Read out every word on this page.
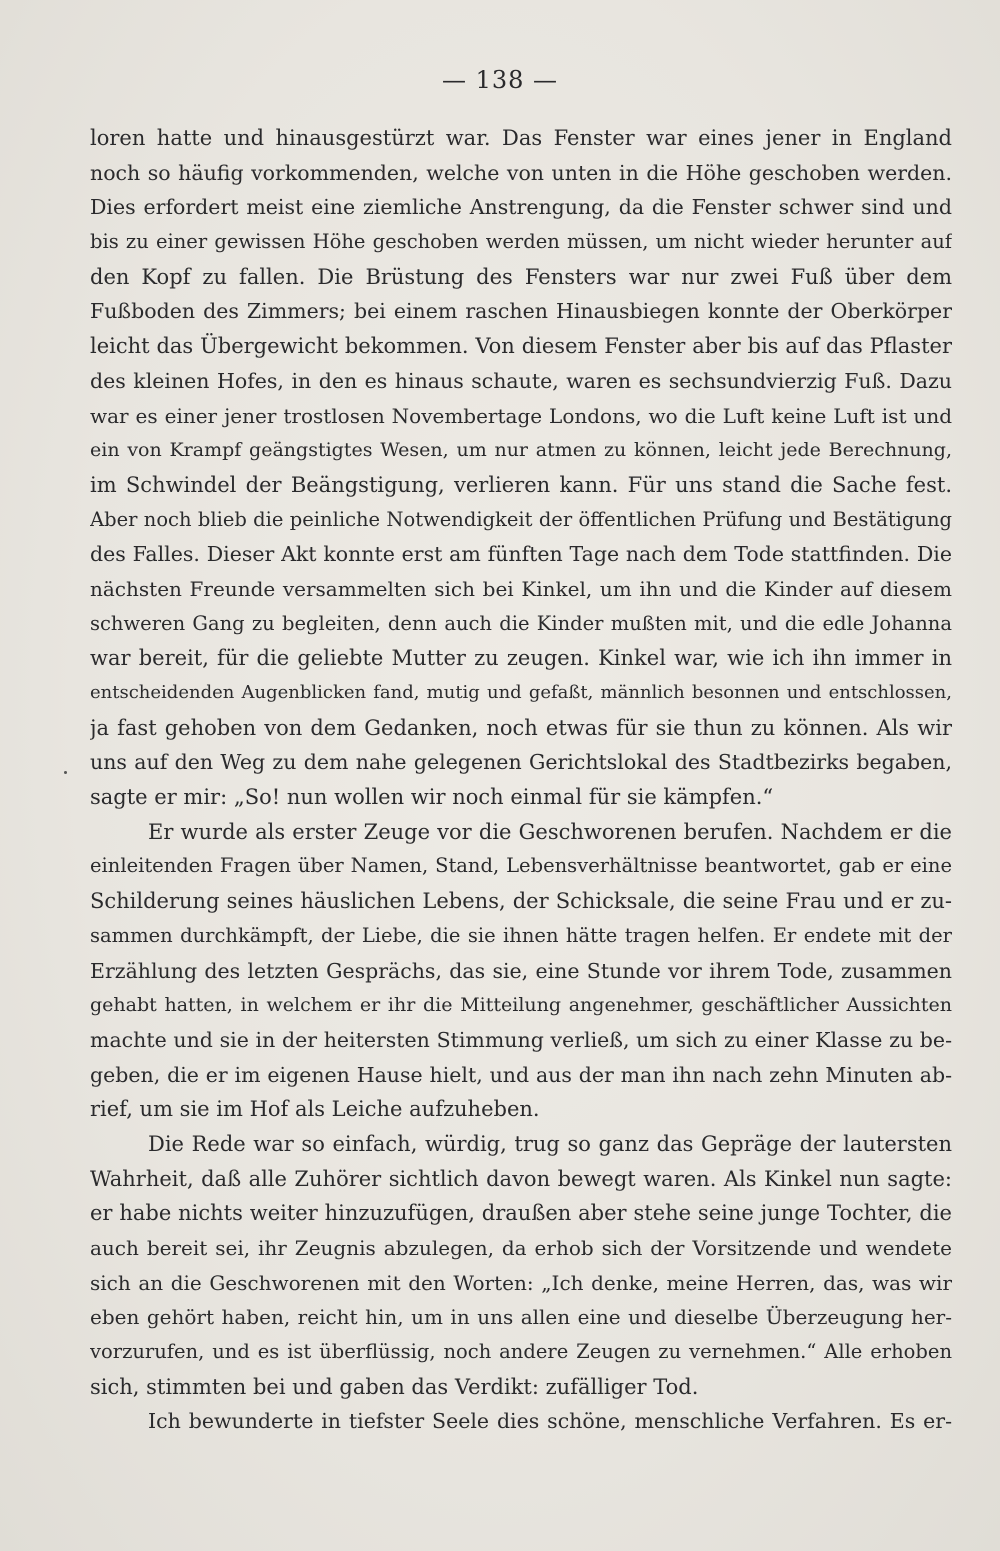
— 138 —
loren hatte und hinausgestürzt war. Das Fenster war eines jener in England
noch so häufig vorkommenden, welche von unten in die Höhe geschoben werden.
Dies erfordert meist eine ziemliche Anstrengung, da die Fenster schwer sind und
bis zu einer gewissen Höhe geschoben werden müssen, um nicht wieder herunter auf
den Kopf zu fallen. Die Brüstung des Fensters war nur zwei Fuß über dem
Fußboden des Zimmers; bei einem raschen Hinausbiegen konnte der Oberkörper
leicht das Übergewicht bekommen. Von diesem Fenster aber bis auf das Pflaster
des kleinen Hofes, in den es hinaus schaute, waren es sechsundvierzig Fuß. Dazu
war es einer jener trostlosen Novembertage Londons, wo die Luft keine Luft ist und
ein von Krampf geängstigtes Wesen, um nur atmen zu können, leicht jede Berechnung,
im Schwindel der Beängstigung, verlieren kann. Für uns stand die Sache fest.
Aber noch blieb die peinliche Notwendigkeit der öffentlichen Prüfung und Bestätigung
des Falles. Dieser Akt konnte erst am fünften Tage nach dem Tode stattfinden. Die
nächsten Freunde versammelten sich bei Kinkel, um ihn und die Kinder auf diesem
schweren Gang zu begleiten, denn auch die Kinder mußten mit, und die edle Johanna
war bereit, für die geliebte Mutter zu zeugen. Kinkel war, wie ich ihn immer in
entscheidenden Augenblicken fand, mutig und gefaßt, männlich besonnen und entschlossen,
ja fast gehoben von dem Gedanken, noch etwas für sie thun zu können. Als wir
uns auf den Weg zu dem nahe gelegenen Gerichtslokal des Stadtbezirks begaben,
sagte er mir: „So! nun wollen wir noch einmal für sie kämpfen.“
Er wurde als erster Zeuge vor die Geschworenen berufen. Nachdem er die
einleitenden Fragen über Namen, Stand, Lebensverhältnisse beantwortet, gab er eine
Schilderung seines häuslichen Lebens, der Schicksale, die seine Frau und er zu-
sammen durchkämpft, der Liebe, die sie ihnen hätte tragen helfen. Er endete mit der
Erzählung des letzten Gesprächs, das sie, eine Stunde vor ihrem Tode, zusammen
gehabt hatten, in welchem er ihr die Mitteilung angenehmer, geschäftlicher Aussichten
machte und sie in der heitersten Stimmung verließ, um sich zu einer Klasse zu be-
geben, die er im eigenen Hause hielt, und aus der man ihn nach zehn Minuten ab-
rief, um sie im Hof als Leiche aufzuheben.
Die Rede war so einfach, würdig, trug so ganz das Gepräge der lautersten
Wahrheit, daß alle Zuhörer sichtlich davon bewegt waren. Als Kinkel nun sagte:
er habe nichts weiter hinzuzufügen, draußen aber stehe seine junge Tochter, die
auch bereit sei, ihr Zeugnis abzulegen, da erhob sich der Vorsitzende und wendete
sich an die Geschworenen mit den Worten: „Ich denke, meine Herren, das, was wir
eben gehört haben, reicht hin, um in uns allen eine und dieselbe Überzeugung her-
vorzurufen, und es ist überflüssig, noch andere Zeugen zu vernehmen.“ Alle erhoben
sich, stimmten bei und gaben das Verdikt: zufälliger Tod.
Ich bewunderte in tiefster Seele dies schöne, menschliche Verfahren. Es er-
